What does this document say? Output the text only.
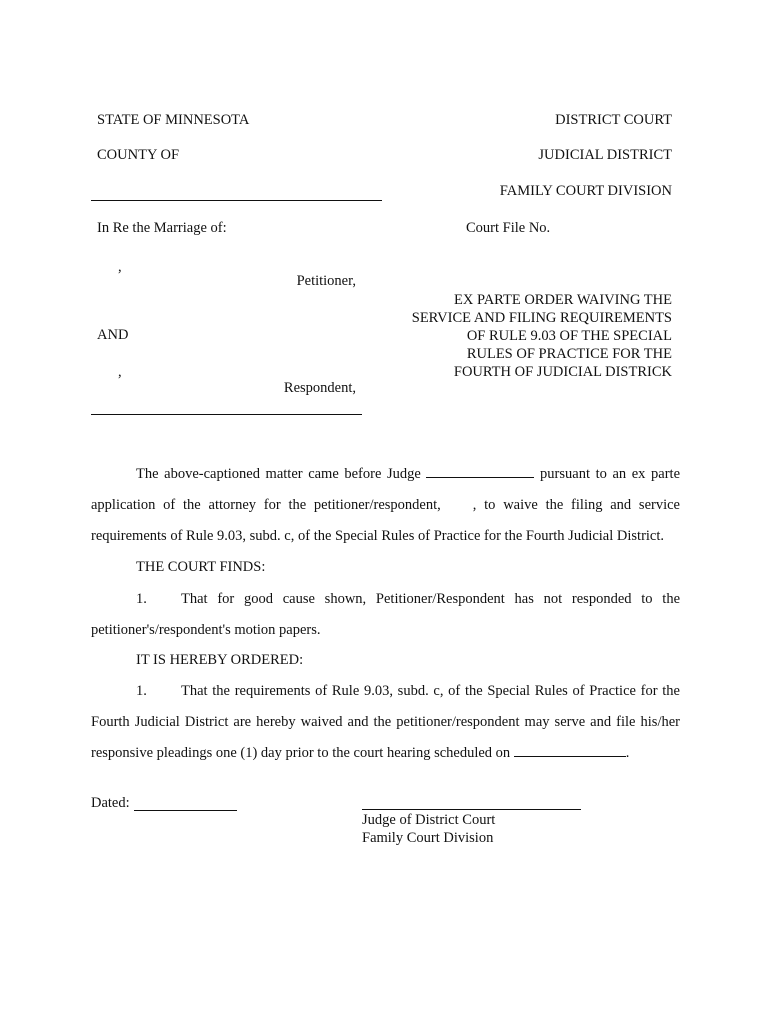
STATE OF MINNESOTA	DISTRICT COURT
COUNTY OF	JUDICIAL DISTRICT
FAMILY COURT DIVISION
In Re the Marriage of:	Court File No.
,
Petitioner,
AND
,
Respondent,
EX PARTE ORDER WAIVING THE
SERVICE AND FILING REQUIREMENTS
OF RULE 9.03 OF THE SPECIAL
RULES OF PRACTICE FOR THE
FOURTH OF JUDICIAL DISTRICK
The above-captioned matter came before Judge	pursuant to an ex parte
application of the attorney for the petitioner/respondent, , to waive the filing and service
requirements of Rule 9.03, subd. c, of the Special Rules of Practice for the Fourth Judicial District.
THE COURT FINDS:
1. That for good cause shown, Petitioner/Respondent has not responded to the
petitioner's/respondent's motion papers.
IT IS HEREBY ORDERED:
1. That the requirements of Rule 9.03, subd. c, of the Special Rules of Practice for the
Fourth Judicial District are hereby waived and the petitioner/respondent may serve and file his/her
responsive pleadings one (1) day prior to the court hearing scheduled on	.
Dated:
Judge of District Court
Family Court Division
